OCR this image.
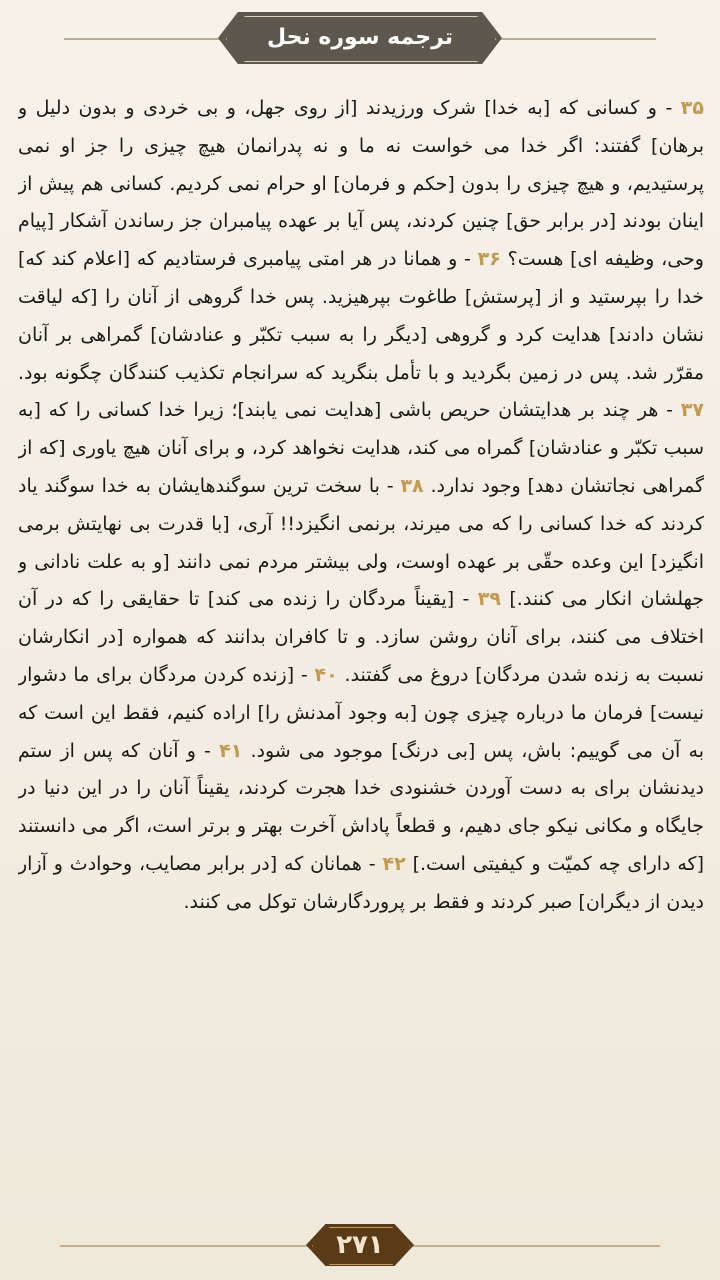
ترجمه سوره نحل
۳۵ - و کسانی که [به خدا] شرک ورزیدند [از روی جهل، و بی خردی و بدون دلیل و برهان] گفتند: اگر خدا می خواست نه ما و نه پدرانمان هیچ چیزی را جز او نمی پرستیدیم، و هیچ چیزی را بدون [حکم و فرمان] او حرام نمی کردیم. کسانی هم پیش از اینان بودند [در برابر حق] چنین کردند، پس آیا بر عهده پیامبران جز رساندن آشکار [پیام وحی، وظیفه ای] هست؟ ۳۶ - و همانا در هر امتی پیامبری فرستادیم که [اعلام کند که] خدا را بپرستید و از [پرستش] طاغوت بپرهیزید. پس خدا گروهی از آنان را [که لیاقت نشان دادند] هدایت کرد و گروهی [دیگر را به سبب تکبّر و عنادشان] گمراهی بر آنان مقرّر شد. پس در زمین بگردید و با تأمل بنگرید که سرانجام تکذیب کنندگان چگونه بود. ۳۷ - هر چند بر هدایتشان حریص باشی [هدایت نمی یابند]؛ زیرا خدا کسانی را که [به سبب تکبّر و عنادشان] گمراه می کند، هدایت نخواهد کرد، و برای آنان هیچ یاوری [که از گمراهی نجاتشان دهد] وجود ندارد. ۳۸ - با سخت ترین سوگندهایشان به خدا سوگند یاد کردند که خدا کسانی را که می میرند، برنمی انگیزد!! آری، [با قدرت بی نهایتش برمی انگیزد] این وعده حقّی بر عهده اوست، ولی بیشتر مردم نمی دانند [و به علت نادانی و جهلشان انکار می کنند.] ۳۹ - [یقیناً مردگان را زنده می کند] تا حقایقی را که در آن اختلاف می کنند، برای آنان روشن سازد. و تا کافران بدانند که همواره [در انکارشان نسبت به زنده شدن مردگان] دروغ می گفتند. ۴۰ - [زنده کردن مردگان برای ما دشوار نیست] فرمان ما درباره چیزی چون [به وجود آمدنش را] اراده کنیم، فقط این است که به آن می گوییم: باش، پس [بی درنگ] موجود می شود. ۴۱ - و آنان که پس از ستم دیدنشان برای به دست آوردن خشنودی خدا هجرت کردند، یقیناً آنان را در این دنیا در جایگاه و مکانی نیکو جای دهیم، و قطعاً پاداش آخرت بهتر و برتر است، اگر می دانستند [که دارای چه کمیّت و کیفیتی است.] ۴۲ - همانان که [در برابر مصایب، وحوادث و آزار دیدن از دیگران] صبر کردند و فقط بر پروردگارشان توکل می کنند.
۲۷۱
